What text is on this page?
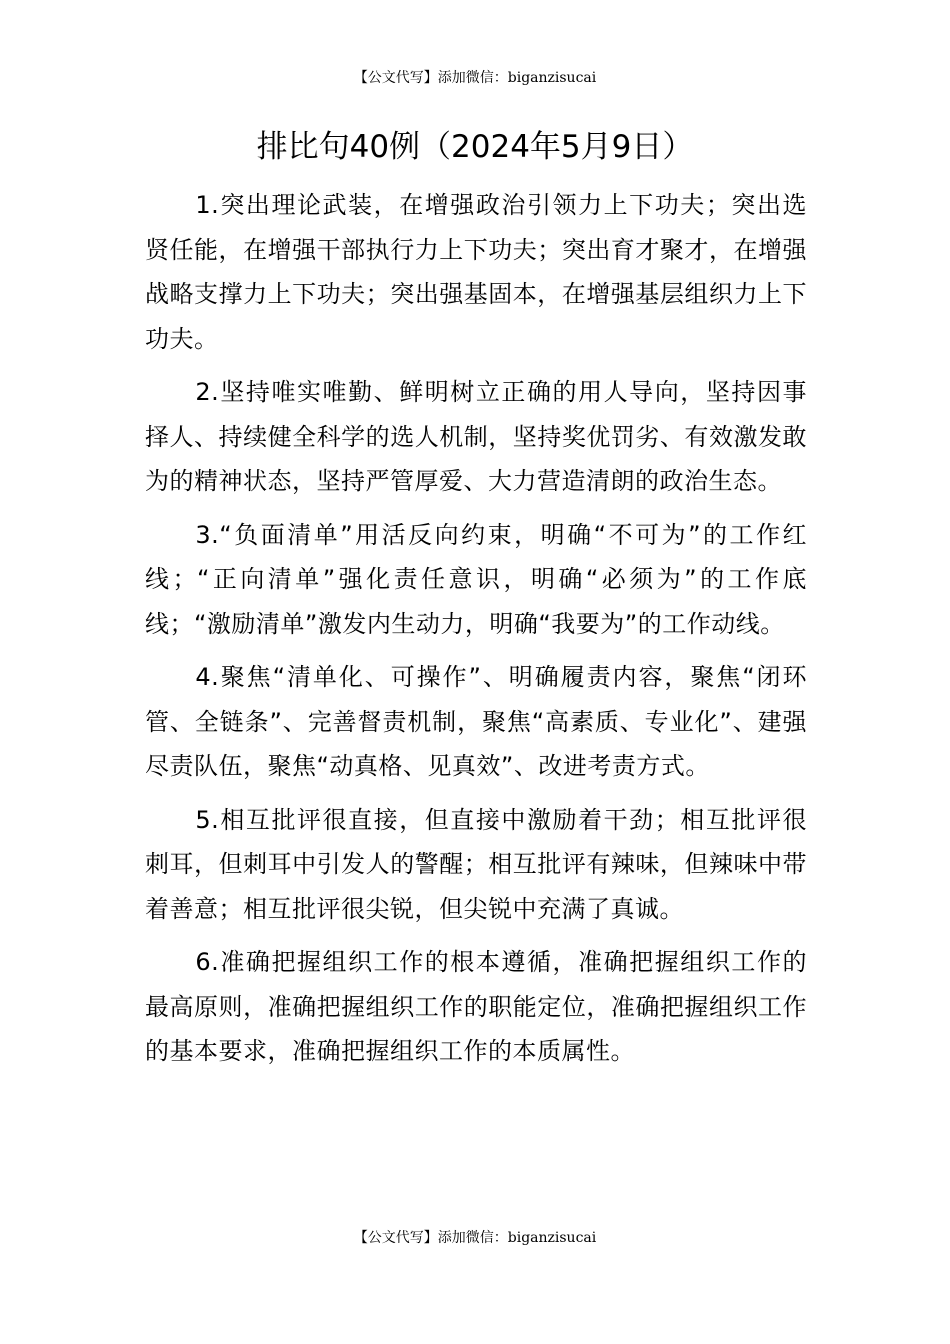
【公文代写】添加微信：biganzisucai
排比句40例（2024年5月9日）

1.突出理论武装，在增强政治引领力上下功夫；突出选贤任能，在增强干部执行力上下功夫；突出育才聚才，在增强战略支撑力上下功夫；突出强基固本，在增强基层组织力上下功夫。

2.坚持唯实唯勤、鲜明树立正确的用人导向，坚持因事择人、持续健全科学的选人机制，坚持奖优罚劣、有效激发敢为的精神状态，坚持严管厚爱、大力营造清朗的政治生态。

3.“负面清单”用活反向约束，明确“不可为”的工作红线；“正向清单”强化责任意识，明确“必须为”的工作底线；“激励清单”激发内生动力，明确“我要为”的工作动线。

4.聚焦“清单化、可操作”、明确履责内容，聚焦“闭环管、全链条”、完善督责机制，聚焦“高素质、专业化”、建强尽责队伍，聚焦“动真格、见真效”、改进考责方式。

5.相互批评很直接，但直接中激励着干劲；相互批评很刺耳，但刺耳中引发人的警醒；相互批评有辣味，但辣味中带着善意；相互批评很尖锐，但尖锐中充满了真诚。

6.准确把握组织工作的根本遵循，准确把握组织工作的最高原则，准确把握组织工作的职能定位，准确把握组织工作的基本要求，准确把握组织工作的本质属性。

【公文代写】添加微信：biganzisucai
